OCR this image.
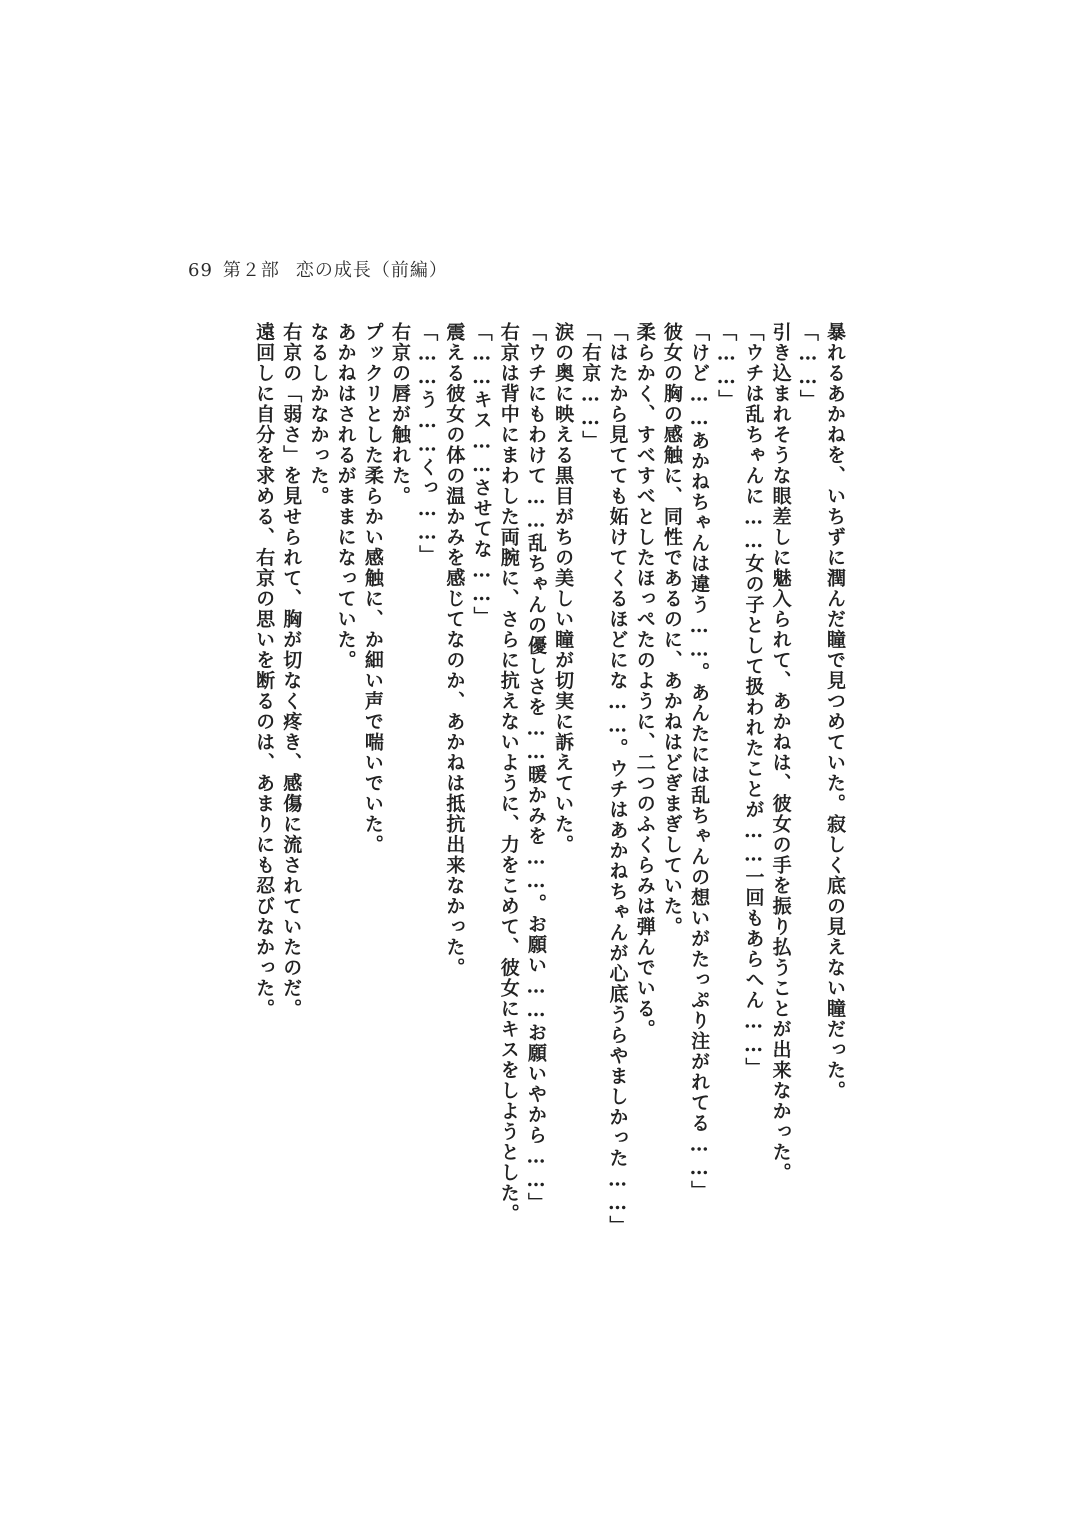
69 第２部 恋の成長（前編）

暴れるあかねを、いちずに潤んだ瞳で見つめていた。寂しく底の見えない瞳だった。

「……」

引き込まれそうな眼差しに魅入られて、あかねは、彼女の手を振り払うことが出来なかった。

「ウチは乱ちゃんに……女の子として扱われたことが……一回もあらへん……」

「……」

「けど……あかねちゃんは違う……。あんたには乱ちゃんの想いがたっぷり注がれてる……」

彼女の胸の感触に、同性であるのに、あかねはどぎまぎしていた。

柔らかく、すべすべとしたほっぺたのように、二つのふくらみは弾んでいる。

「はたから見てても妬けてくるほどにな……。ウチはあかねちゃんが心底うらやましかった……」

「右京……」

涙の奥に映える黒目がちの美しい瞳が切実に訴えていた。

「ウチにもわけて……乱ちゃんの優しさを……暖かみを……。お願い……お願いやから……」

右京は背中にまわした両腕に、さらに抗えないように、力をこめて、彼女にキスをしようとした。

「……キス……させてな……」

震える彼女の体の温かみを感じてなのか、あかねは抵抗出来なかった。

「……う……くっ……」

右京の唇が触れた。

プックリとした柔らかい感触に、か細い声で喘いでいた。

あかねはされるがままになっていた。

なるしかなかった。

右京の「弱さ」を見せられて、胸が切なく疼き、感傷に流されていたのだ。

遠回しに自分を求める、右京の思いを断るのは、あまりにも忍びなかった。
